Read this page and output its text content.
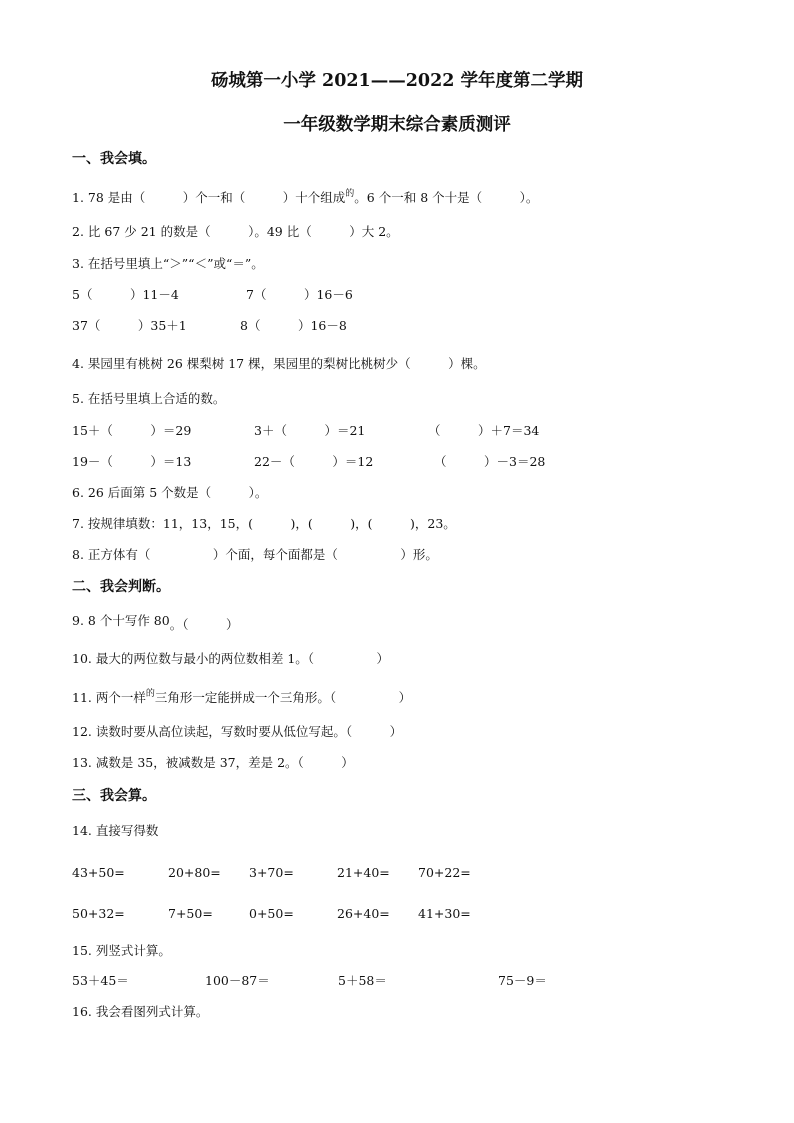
砀城第一小学 2021——2022 学年度第二学期
一年级数学期末综合素质测评
一、我会填。
1. 78 是由（　　　）个一和（　　　）十个组成$^的$。6 个一和 8 个十是（　　　）。
2. 比 67 少 21 的数是（　　　）。49 比（　　　）大 2。
3. 在括号里填上“＞”“＜”或“＝”。
5（　　　）11－4	7（　　　）16－6
37（　　　）35＋1	8（　　　）16－8
4. 果园里有桃树 26 棵梨树 17 棵，果园里的梨树比桃树少（　　　）棵。
5. 在括号里填上合适的数。
15＋（　　　）＝29	3＋（　　　）＝21	（　　　）＋7＝34
19－（　　　）＝13	22－（　　　）＝12	（　　　）－3＝28
6. 26 后面第 5 个数是（　　　）。
7. 按规律填数：11，13，15，(　　　)，(　　　)，(　　　)，23。
8. 正方体有（　　　　　）个面，每个面都是（　　　　　）形。
二、我会判断。
9. 8 个十写作 80。（　　　）
10. 最大的两位数与最小的两位数相差 1。（　　　　　）
11. 两个一样$^的$三角形一定能拼成一个三角形。（　　　　　）
12. 读数时要从高位读起，写数时要从低位写起。（　　　）
13. 减数是 35，被减数是 37，差是 2。（　　　）
三、我会算。
14. 直接写得数
43+50=	20+80= 3+70=	21+40= 70+22=
50+32=	7+50=	0+50=	26+40= 41+30=
15. 列竖式计算。
53＋45＝	100－87＝	5＋58＝	75－9＝
16. 我会看图列式计算。
